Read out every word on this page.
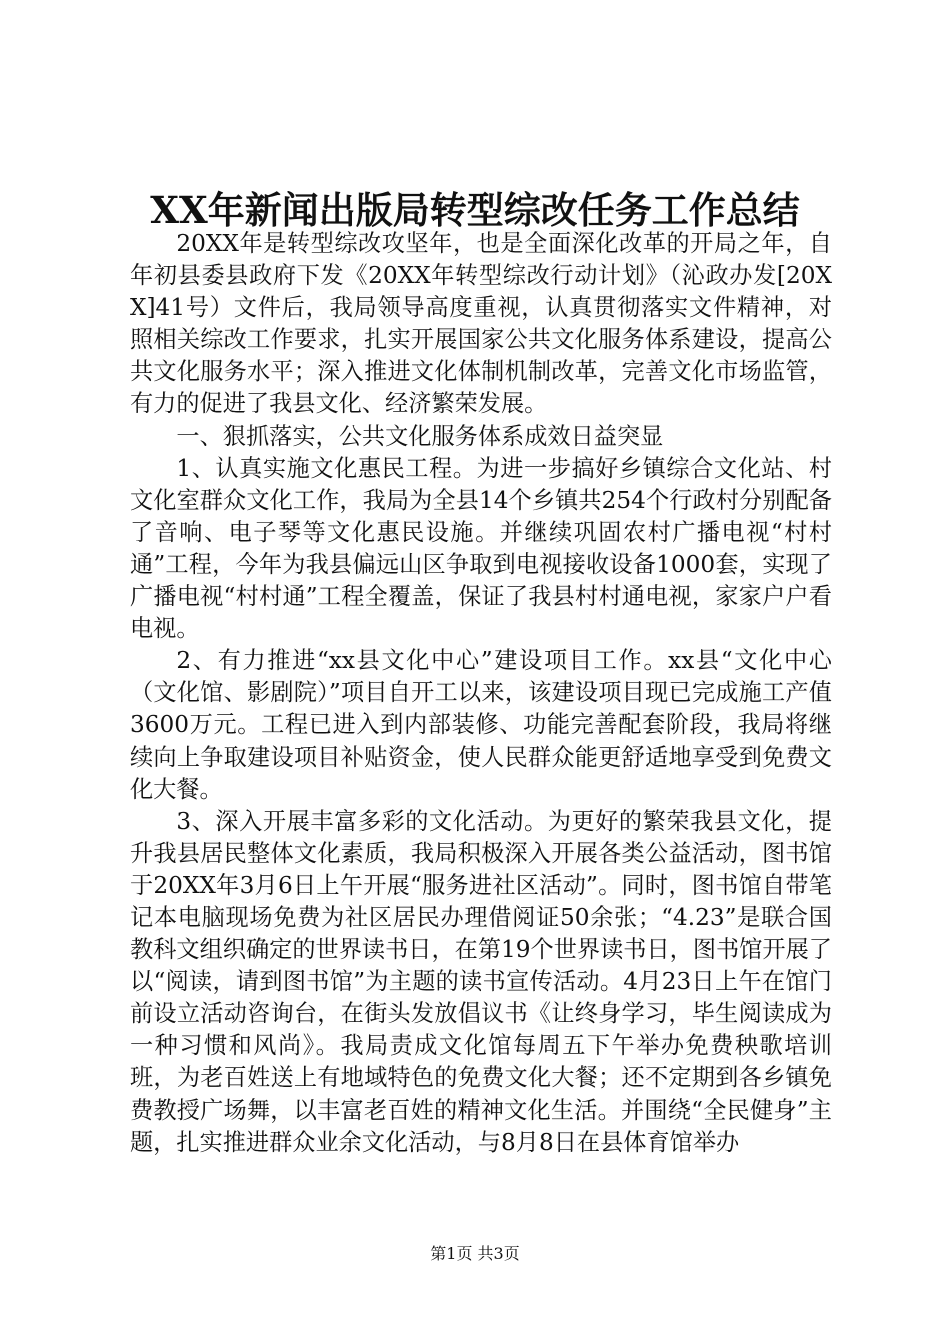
XX年新闻出版局转型综改任务工作总结

20XX年是转型综改攻坚年，也是全面深化改革的开局之年，自年初县委县政府下发《20XX年转型综改行动计划》（沁政办发[20XX]41号）文件后，我局领导高度重视，认真贯彻落实文件精神，对照相关综改工作要求，扎实开展国家公共文化服务体系建设，提高公共文化服务水平；深入推进文化体制机制改革，完善文化市场监管，有力的促进了我县文化、经济繁荣发展。

一、狠抓落实，公共文化服务体系成效日益突显

1、认真实施文化惠民工程。为进一步搞好乡镇综合文化站、村文化室群众文化工作，我局为全县14个乡镇共254个行政村分别配备了音响、电子琴等文化惠民设施。并继续巩固农村广播电视“村村通”工程，今年为我县偏远山区争取到电视接收设备1000套，实现了广播电视“村村通”工程全覆盖，保证了我县村村通电视，家家户户看电视。

2、有力推进“xx县文化中心”建设项目工作。xx县“文化中心（文化馆、影剧院）”项目自开工以来，该建设项目现已完成施工产值3600万元。工程已进入到内部装修、功能完善配套阶段，我局将继续向上争取建设项目补贴资金，使人民群众能更舒适地享受到免费文化大餐。

3、深入开展丰富多彩的文化活动。为更好的繁荣我县文化，提升我县居民整体文化素质，我局积极深入开展各类公益活动，图书馆于20XX年3月6日上午开展“服务进社区活动”。同时，图书馆自带笔记本电脑现场免费为社区居民办理借阅证50余张；“4.23”是联合国教科文组织确定的世界读书日，在第19个世界读书日，图书馆开展了以“阅读，请到图书馆”为主题的读书宣传活动。4月23日上午在馆门前设立活动咨询台，在街头发放倡议书《让终身学习，毕生阅读成为一种习惯和风尚》。我局责成文化馆每周五下午举办免费秧歌培训班，为老百姓送上有地域特色的免费文化大餐；还不定期到各乡镇免费教授广场舞，以丰富老百姓的精神文化生活。并围绕“全民健身”主题，扎实推进群众业余文化活动，与8月8日在县体育馆举办

第1页 共3页
